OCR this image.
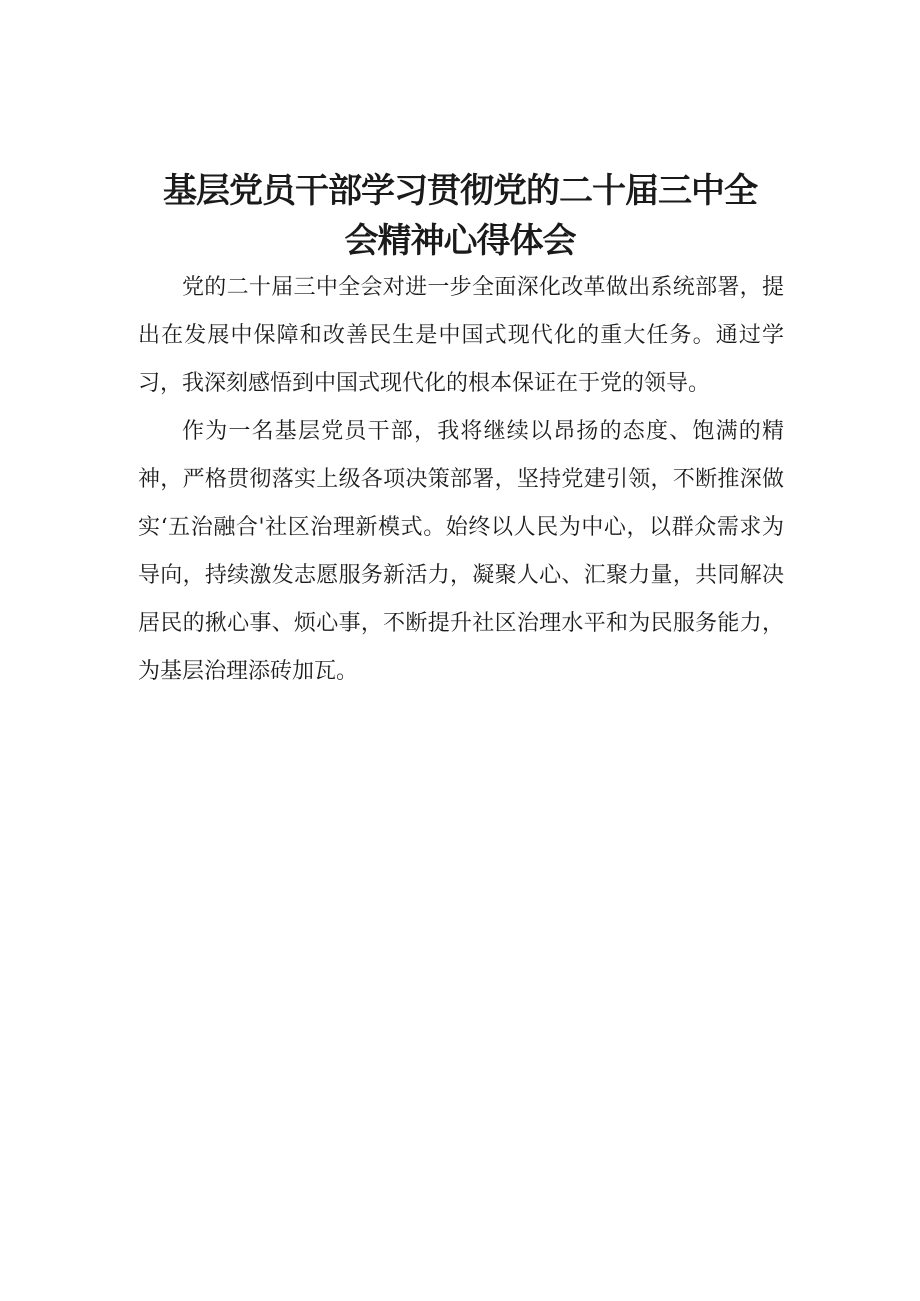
基层党员干部学习贯彻党的二十届三中全
会精神心得体会

党的二十届三中全会对进一步全面深化改革做出系统部署，提出在发展中保障和改善民生是中国式现代化的重大任务。通过学习，我深刻感悟到中国式现代化的根本保证在于党的领导。

作为一名基层党员干部，我将继续以昂扬的态度、饱满的精神，严格贯彻落实上级各项决策部署，坚持党建引领，不断推深做实‘五治融合'社区治理新模式。始终以人民为中心，以群众需求为导向，持续激发志愿服务新活力，凝聚人心、汇聚力量，共同解决居民的揪心事、烦心事，不断提升社区治理水平和为民服务能力，为基层治理添砖加瓦。
